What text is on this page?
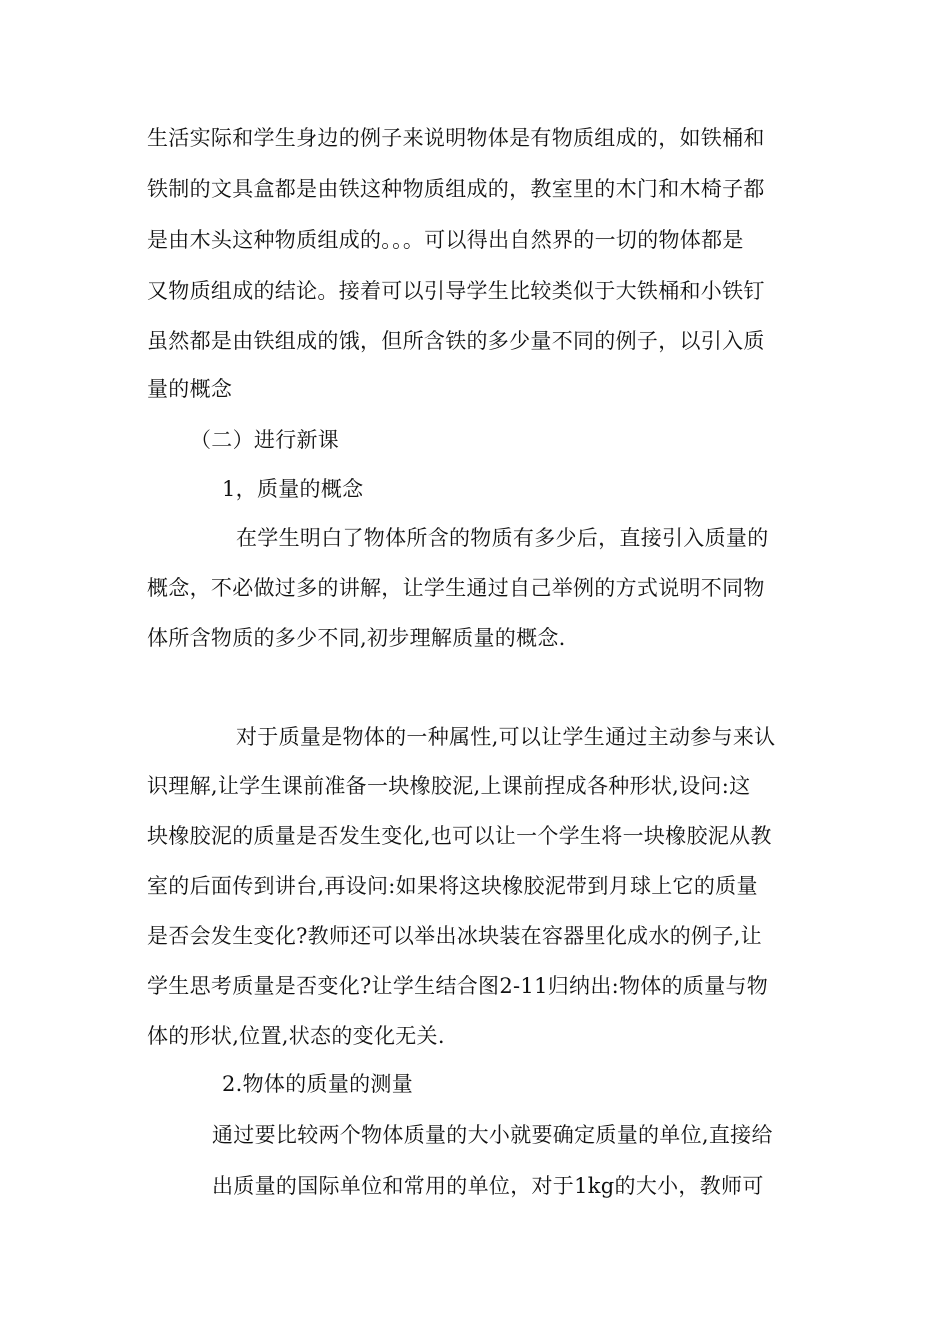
生活实际和学生身边的例子来说明物体是有物质组成的，如铁桶和

铁制的文具盒都是由铁这种物质组成的，教室里的木门和木椅子都

是由木头这种物质组成的。。。可以得出自然界的一切的物体都是

又物质组成的结论。接着可以引导学生比较类似于大铁桶和小铁钉

虽然都是由铁组成的饿，但所含铁的多少量不同的例子，以引入质

量的概念

（二）进行新课

1，质量的概念

在学生明白了物体所含的物质有多少后，直接引入质量的

概念，不必做过多的讲解，让学生通过自己举例的方式说明不同物

体所含物质的多少不同,初步理解质量的概念.

对于质量是物体的一种属性,可以让学生通过主动参与来认

识理解,让学生课前准备一块橡胶泥,上课前捏成各种形状,设问:这

块橡胶泥的质量是否发生变化,也可以让一个学生将一块橡胶泥从教

室的后面传到讲台,再设问:如果将这块橡胶泥带到月球上它的质量

是否会发生变化?教师还可以举出冰块装在容器里化成水的例子,让

学生思考质量是否变化?让学生结合图2-11归纳出:物体的质量与物

体的形状,位置,状态的变化无关.

2.物体的质量的测量

通过要比较两个物体质量的大小就要确定质量的单位,直接给

出质量的国际单位和常用的单位，对于1kg的大小，教师可
